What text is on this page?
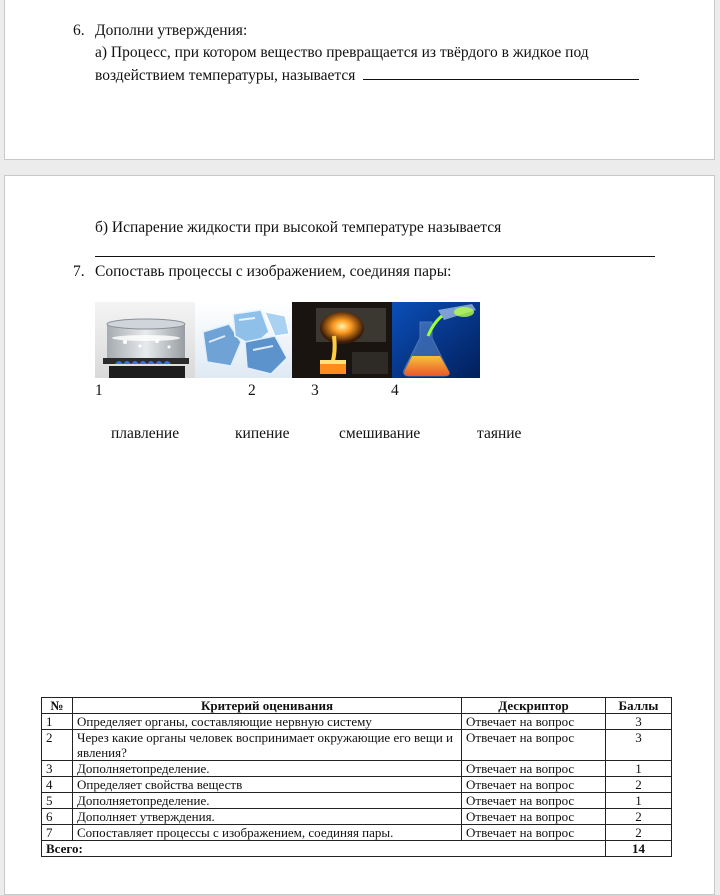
6. Дополни утверждения:
а) Процесс, при котором вещество превращается из твёрдого в жидкое под
воздействием температуры, называется
б) Испарение жидкости при высокой температуре называется
7. Сопоставь процессы с изображением, соединяя пары:
1	2	3	4
плавление	кипение	смешивание	таяние
№	Критерий оценивания	Дескриптор	Баллы
1	Определяет органы, составляющие нервную систему	Отвечает на вопрос	3
2	Через какие органы человек воспринимает окружающие его вещи и явления?	Отвечает на вопрос	3
3	Дополняетопределение.	Отвечает на вопрос	1
4	Определяет свойства веществ	Отвечает на вопрос	2
5	Дополняетопределение.	Отвечает на вопрос	1
6	Дополняет утверждения.	Отвечает на вопрос	2
7	Сопоставляет процессы с изображением, соединяя пары.	Отвечает на вопрос	2
Всего:			14
